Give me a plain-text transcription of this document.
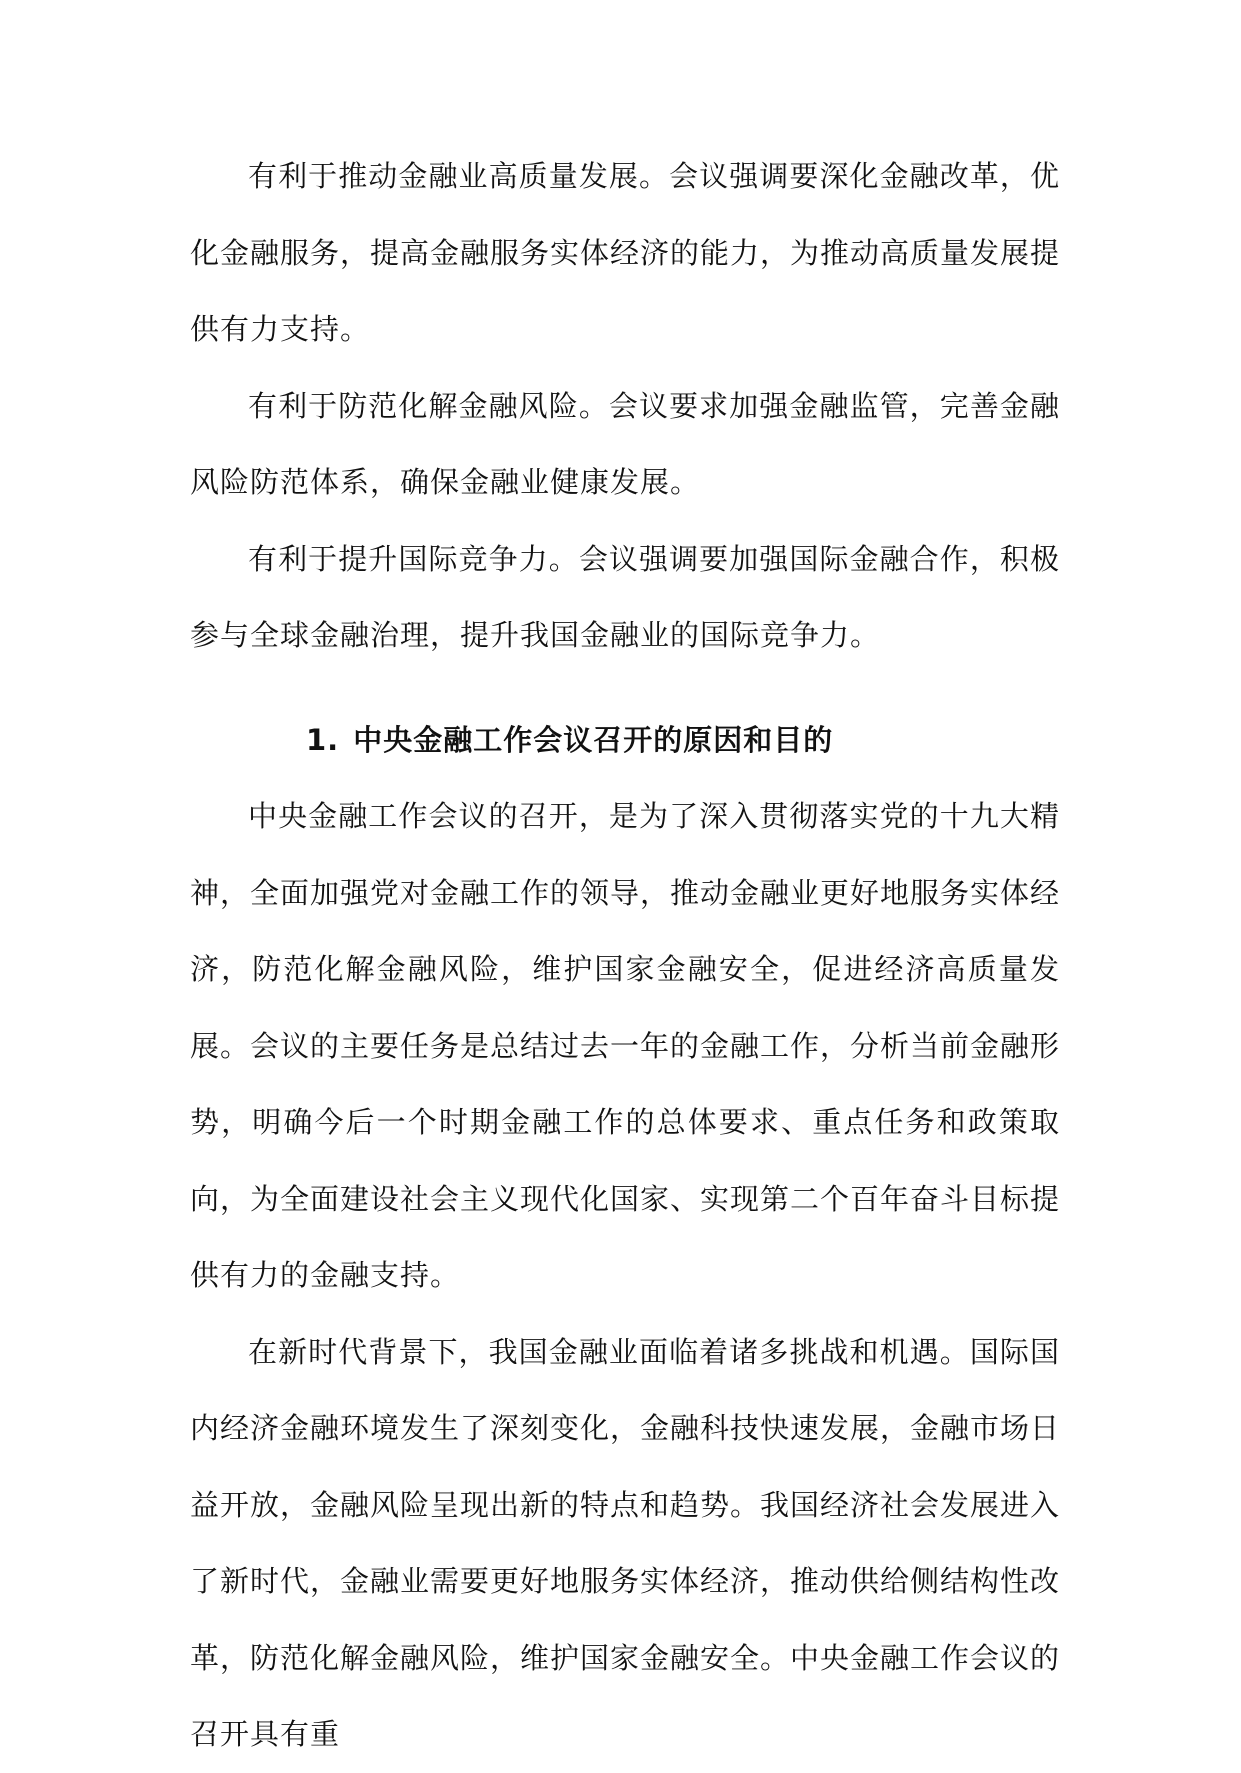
有利于推动金融业高质量发展。会议强调要深化金融改革，优化金融服务，提高金融服务实体经济的能力，为推动高质量发展提供有力支持。

有利于防范化解金融风险。会议要求加强金融监管，完善金融风险防范体系，确保金融业健康发展。

有利于提升国际竞争力。会议强调要加强国际金融合作，积极参与全球金融治理，提升我国金融业的国际竞争力。

1. 中央金融工作会议召开的原因和目的

中央金融工作会议的召开，是为了深入贯彻落实党的十九大精神，全面加强党对金融工作的领导，推动金融业更好地服务实体经济，防范化解金融风险，维护国家金融安全，促进经济高质量发展。会议的主要任务是总结过去一年的金融工作，分析当前金融形势，明确今后一个时期金融工作的总体要求、重点任务和政策取向，为全面建设社会主义现代化国家、实现第二个百年奋斗目标提供有力的金融支持。

在新时代背景下，我国金融业面临着诸多挑战和机遇。国际国内经济金融环境发生了深刻变化，金融科技快速发展，金融市场日益开放，金融风险呈现出新的特点和趋势。我国经济社会发展进入了新时代，金融业需要更好地服务实体经济，推动供给侧结构性改革，防范化解金融风险，维护国家金融安全。中央金融工作会议的召开具有重
